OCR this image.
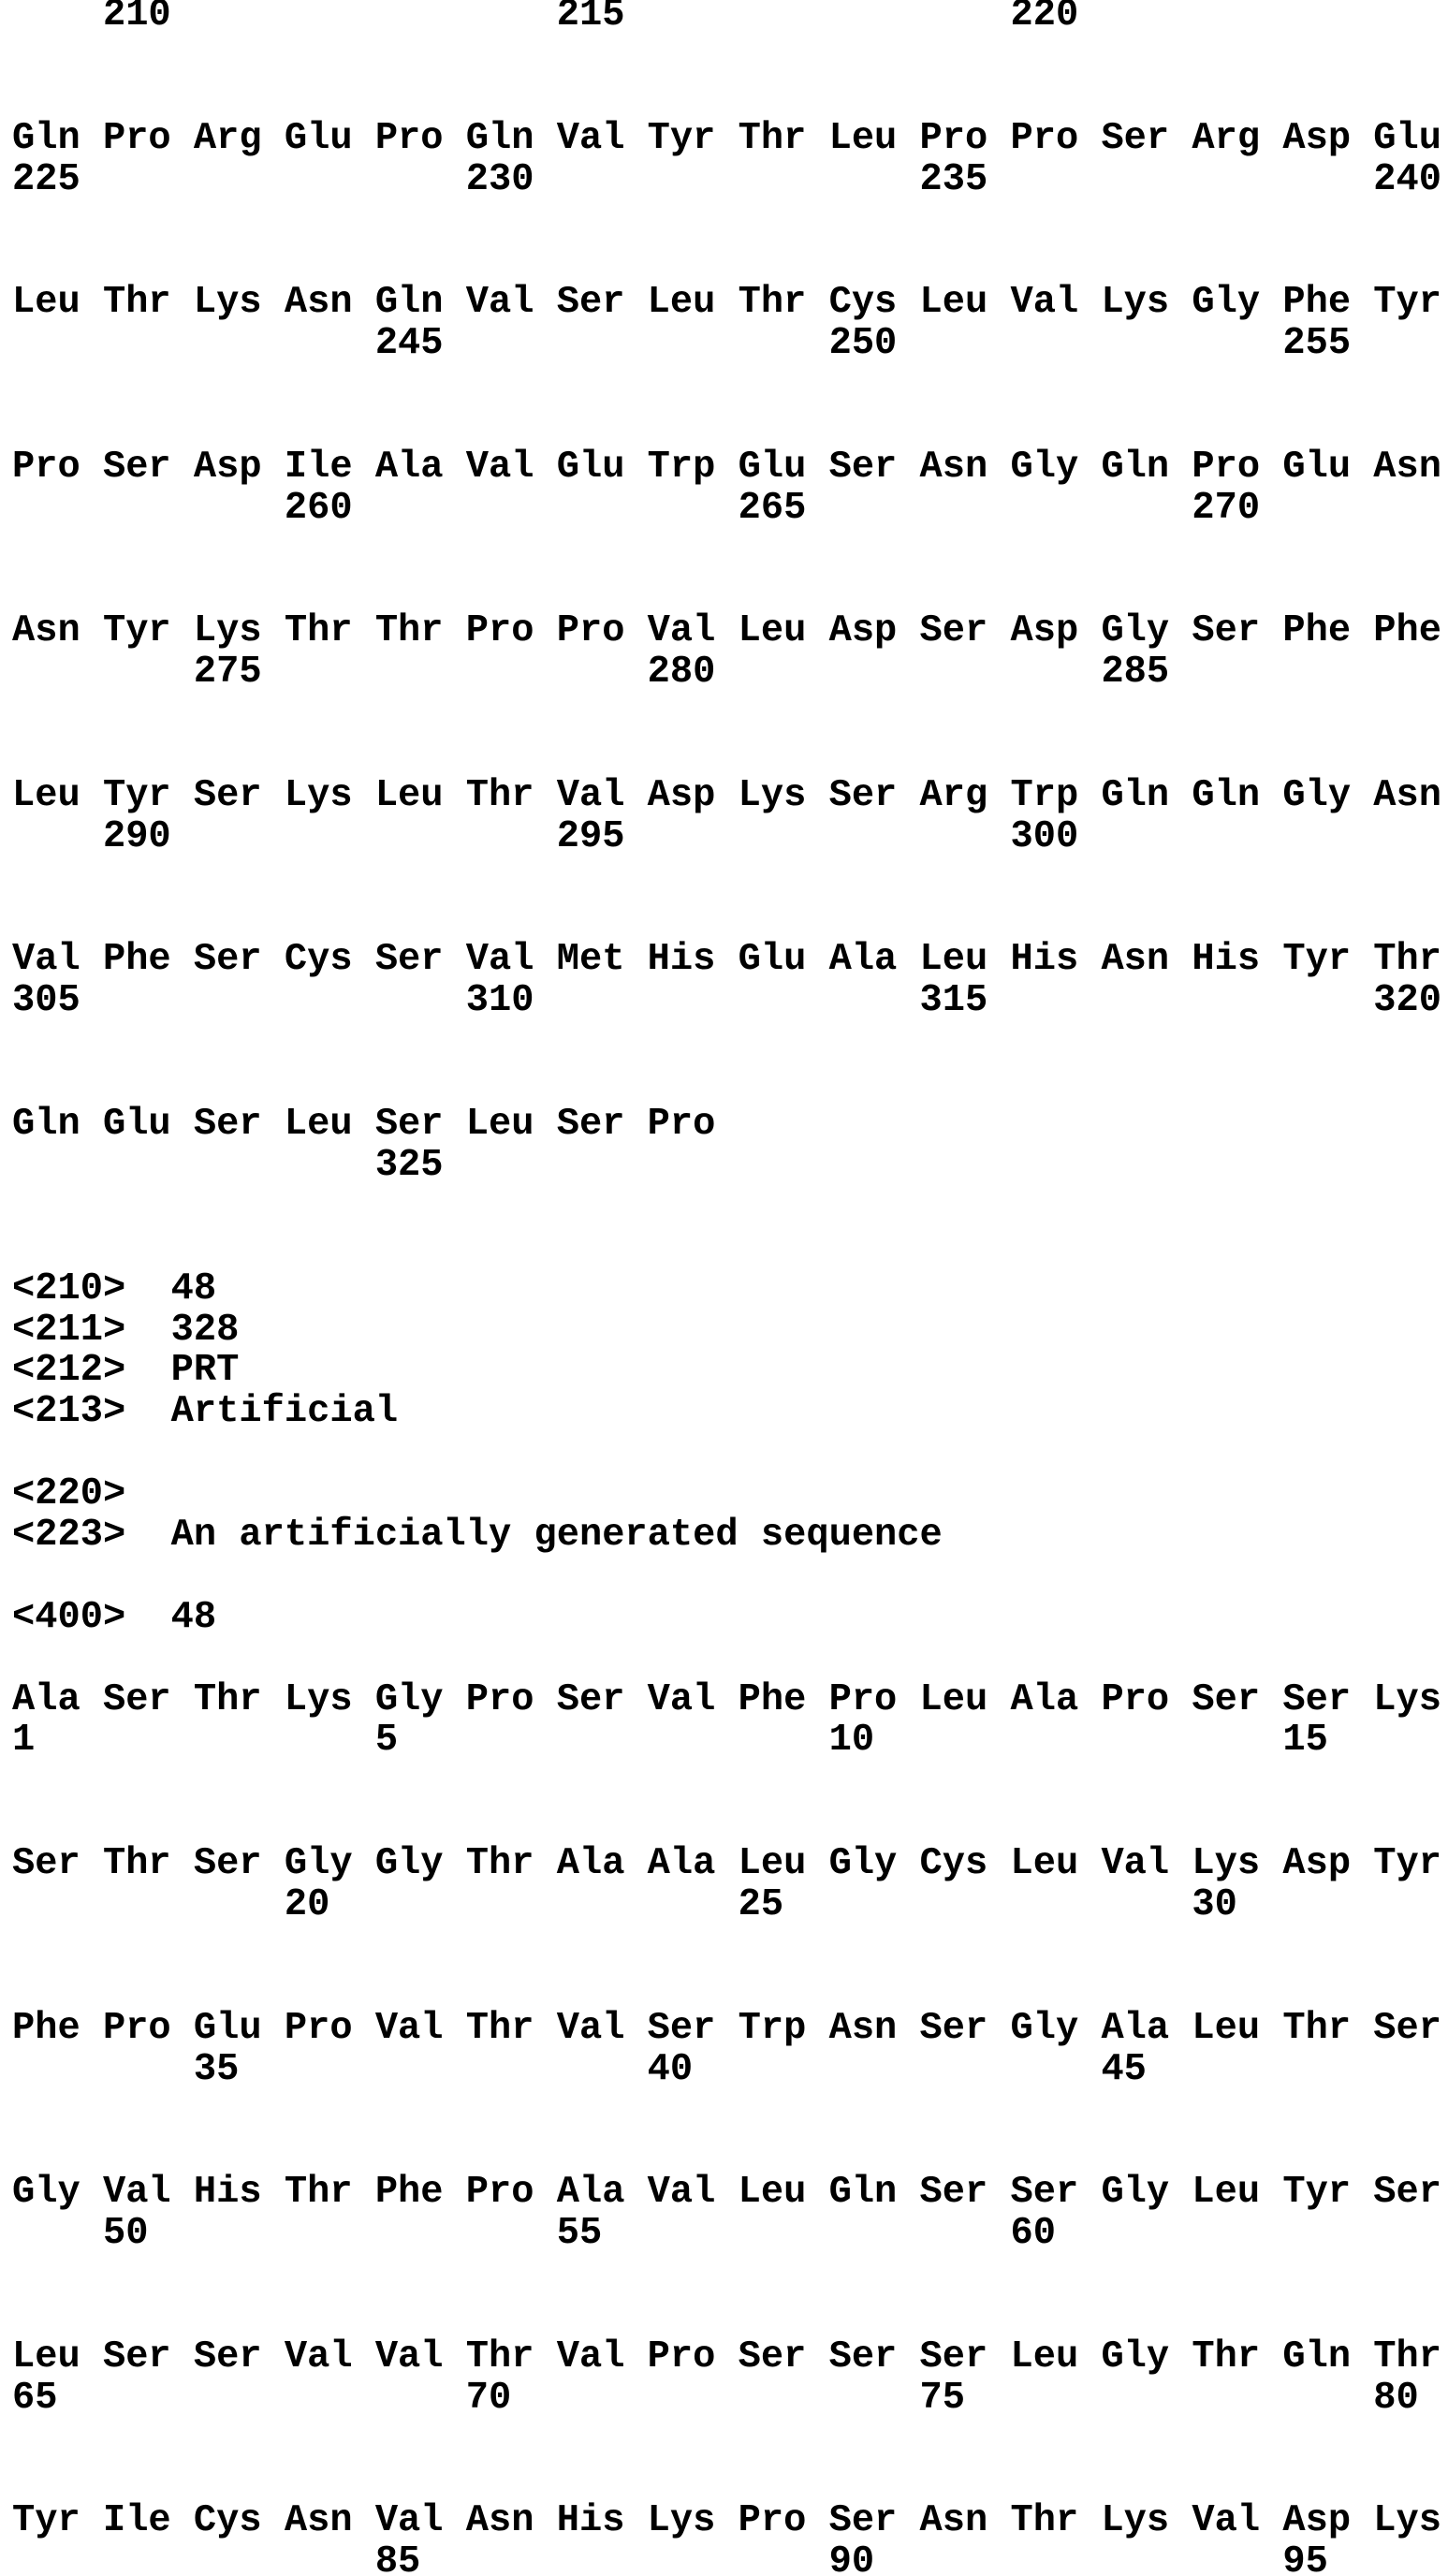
210                 215                 220
Gln Pro Arg Glu Pro Gln Val Tyr Thr Leu Pro Pro Ser Arg Asp Glu
225                 230                 235                 240
Leu Thr Lys Asn Gln Val Ser Leu Thr Cys Leu Val Lys Gly Phe Tyr
245                 250                 255
Pro Ser Asp Ile Ala Val Glu Trp Glu Ser Asn Gly Gln Pro Glu Asn
260                 265                 270
Asn Tyr Lys Thr Thr Pro Pro Val Leu Asp Ser Asp Gly Ser Phe Phe
275                 280                 285
Leu Tyr Ser Lys Leu Thr Val Asp Lys Ser Arg Trp Gln Gln Gly Asn
290                 295                 300
Val Phe Ser Cys Ser Val Met His Glu Ala Leu His Asn His Tyr Thr
305                 310                 315                 320
Gln Glu Ser Leu Ser Leu Ser Pro
325
<210>  48
<211>  328
<212>  PRT
<213>  Artificial
<220>
<223>  An artificially generated sequence
<400>  48
Ala Ser Thr Lys Gly Pro Ser Val Phe Pro Leu Ala Pro Ser Ser Lys
1               5                   10                  15
Ser Thr Ser Gly Gly Thr Ala Ala Leu Gly Cys Leu Val Lys Asp Tyr
20                  25                  30
Phe Pro Glu Pro Val Thr Val Ser Trp Asn Ser Gly Ala Leu Thr Ser
35                  40                  45
Gly Val His Thr Phe Pro Ala Val Leu Gln Ser Ser Gly Leu Tyr Ser
50                  55                  60
Leu Ser Ser Val Val Thr Val Pro Ser Ser Ser Leu Gly Thr Gln Thr
65                  70                  75                  80
Tyr Ile Cys Asn Val Asn His Lys Pro Ser Asn Thr Lys Val Asp Lys
85                  90                  95
